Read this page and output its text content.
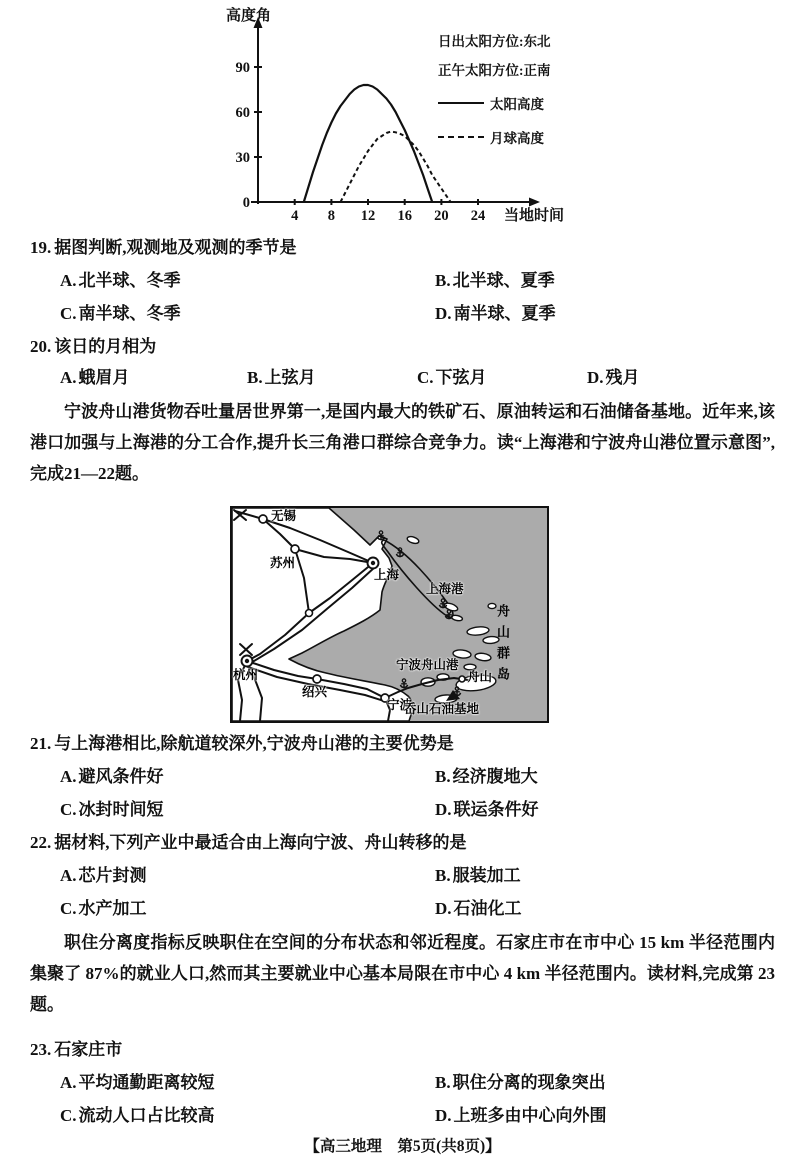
90
60
30
0
4 8 12 16 20 24
高度角
当地时间
日出太阳方位:东北
正午太阳方位:正南
太阳高度
月球高度
19. 据图判断,观测地及观测的季节是
A. 北半球、冬季	B. 北半球、夏季
C. 南半球、冬季	D. 南半球、夏季
20. 该日的月相为
A. 蛾眉月	B. 上弦月	C. 下弦月	D. 残月

宁波舟山港货物吞吐量居世界第一,是国内最大的铁矿石、原油转运和石油储备基地。近年来,该港口加强与上海港的分工合作,提升长三角港口群综合竞争力。读“上海港和宁波舟山港位置示意图”,完成21—22题。

无锡
苏州
上海
上海港
杭州
绍兴
宁波
宁波舟山港
舟山
岙山石油基地
舟山群岛
21. 与上海港相比,除航道较深外,宁波舟山港的主要优势是
A. 避风条件好	B. 经济腹地大
C. 冰封时间短	D. 联运条件好
22. 据材料,下列产业中最适合由上海向宁波、舟山转移的是
A. 芯片封测	B. 服装加工
C. 水产加工	D. 石油化工

职住分离度指标反映职住在空间的分布状态和邻近程度。石家庄市在市中心 15 km 半径范围内集聚了 87%的就业人口,然而其主要就业中心基本局限在市中心 4 km 半径范围内。读材料,完成第 23 题。

23. 石家庄市
A. 平均通勤距离较短	B. 职住分离的现象突出
C. 流动人口占比较高	D. 上班多由中心向外围
【高三地理　第5页(共8页)】
